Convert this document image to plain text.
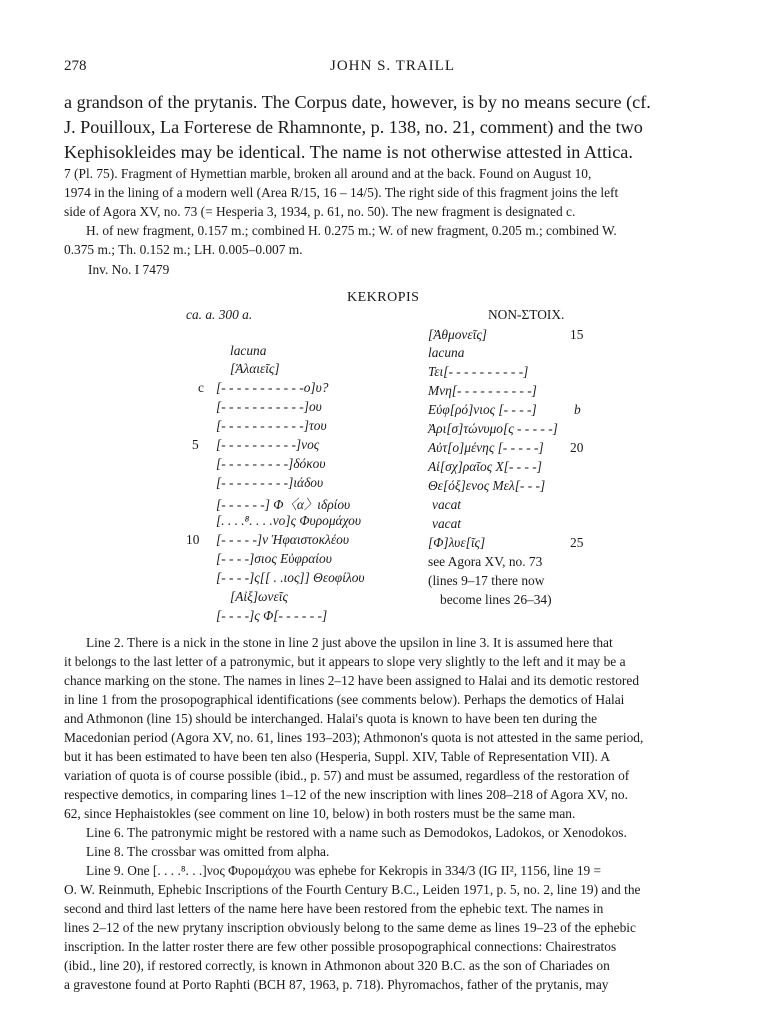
278	JOHN S. TRAILL
a grandson of the prytanis. The Corpus date, however, is by no means secure (cf.
J. Pouilloux, La Forterese de Rhamnonte, p. 138, no. 21, comment) and the two
Kephisokleides may be identical. The name is not otherwise attested in Attica.
7 (Pl. 75). Fragment of Hymettian marble, broken all around and at the back. Found on August 10,
1974 in the lining of a modern well (Area R/15, 16 – 14/5). The right side of this fragment joins the left
side of Agora XV, no. 73 (= Hesperia 3, 1934, p. 61, no. 50). The new fragment is designated c.
H. of new fragment, 0.157 m.; combined H. 0.275 m.; W. of new fragment, 0.205 m.; combined W.
0.375 m.; Th. 0.152 m.; LH. 0.005–0.007 m.
Inv. No. I 7479
KEKROPIS
ca. a. 300 a.	NON-ΣΤΟΙΧ.
lacuna
[Ἁλαιεῖς]
c [- - - - - - - - - - -ο]υ?
[- - - - - - - - - - -]ου
[- - - - - - - - - - -]του
5 [- - - - - - - - - -]νος
[- - - - - - - - -]δόκου
[- - - - - - - - -]ιάδου
[- - - - - -] Φ〈α〉ιδρίου
[. . . .⁸. . . .νο]ς Φυρομάχου
10 [- - - - -]ν Ἡφαιστοκλέου
[- - - -]σιος Εὐφραίου
[- - - -]ς[[ . .ιος]] Θεοφίλου
[Αἰξ]ωνεῖς
[- - - -]ς Φ[- - - - - -]
[Ἀθμονεῖς]	15
lacuna
Τει[- - - - - - - - - -]
Μνη[- - - - - - - - - -]
Εὐφ[ρό]νιος [- - - -]	b
Ἀρι[σ]τώνυμο[ς - - - - -]
Αὐτ[ο]μένης [- - - - -] 20
Αἰ[σχ]ραῖος Χ[- - - -]
Θε[όξ]ενος Μελ[- - -]
vacat
vacat
[Φ]λυε[ῖς]	25
see Agora XV, no. 73
(lines 9–17 there now
become lines 26–34)
Line 2. There is a nick in the stone in line 2 just above the upsilon in line 3. It is assumed here that
it belongs to the last letter of a patronymic, but it appears to slope very slightly to the left and it may be a
chance marking on the stone. The names in lines 2–12 have been assigned to Halai and its demotic restored
in line 1 from the prosopographical identifications (see comments below). Perhaps the demotics of Halai
and Athmonon (line 15) should be interchanged. Halai's quota is known to have been ten during the
Macedonian period (Agora XV, no. 61, lines 193–203); Athmonon's quota is not attested in the same period,
but it has been estimated to have been ten also (Hesperia, Suppl. XIV, Table of Representation VII). A
variation of quota is of course possible (ibid., p. 57) and must be assumed, regardless of the restoration of
respective demotics, in comparing lines 1–12 of the new inscription with lines 208–218 of Agora XV, no.
62, since Hephaistokles (see comment on line 10, below) in both rosters must be the same man.
Line 6. The patronymic might be restored with a name such as Demodokos, Ladokos, or Xenodokos.
Line 8. The crossbar was omitted from alpha.
Line 9. One [. . . .⁸. . .]νος Φυρομάχου was ephebe for Kekropis in 334/3 (IG II², 1156, line 19 =
O. W. Reinmuth, Ephebic Inscriptions of the Fourth Century B.C., Leiden 1971, p. 5, no. 2, line 19) and the
second and third last letters of the name here have been restored from the ephebic text. The names in
lines 2–12 of the new prytany inscription obviously belong to the same deme as lines 19–23 of the ephebic
inscription. In the latter roster there are few other possible prosopographical connections: Chairestratos
(ibid., line 20), if restored correctly, is known in Athmonon about 320 B.C. as the son of Chariades on
a gravestone found at Porto Raphti (BCH 87, 1963, p. 718). Phyromachos, father of the prytanis, may
